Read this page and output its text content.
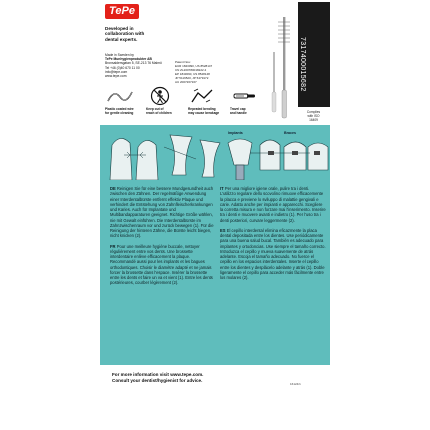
TePe
Developed in
collaboration with
dental experts.
Made in Sweden by
TePe Munhygienprodukter AB
Bronsaldersgatan 5, SE-213 76 Malmö
Tel +46 (0)40 670 11 00
info@tepe.com
www.tepe.com
Patent Nos:
EUR 1843090, US 8528147
CN ZL200780018222.4
EP 1843090, US 8528148
JP 5116520, JP 5479172
AU 2007267167	7317400015682
Complies
with ISO
16409
Plastic coated wire
for gentle cleaning
Keep out of
reach of children
Repeated bending
may cause breakage
Travel cap
and handle
Implants	Braces

DE Reinigen Sie für eine bessere Mundgesundheit auch zwischen den Zähnen. Der regelmäßige Anwendung einer Interdentalbürste entfernt effektiv Plaque und verhindert die Entstehung von Zahnfleischerkrankungen und Karies. Auch für Implantate und Multibandapparaturen geeignet. Richtige Größe wählen, nie mit Gewalt einführen. Die Interdentalbürste im Zahnzwischenraum vor und zurück bewegen (1). Für die Reinigung der hinteren Zähne, die Bürste leicht biegen, nicht knicken (2).

FR Pour une meilleure hygiène buccale, nettoyer régulièrement entre vos dents. Une brossette interdentaire enlève efficacement la plaque. Recommandé aussi pour les implants et les bagues orthodontiques. Choisir le diamètre adapté et ne jamais forcer la brossette dans l'espace. Insérer la brossette entre les dents et faire un va et vient (1). Entre les dents postérieures, courber légèrement (2).

IT Per una migliore igiene orale, pulire tra i denti. L'utilizzo regolare dello scovolino rimuove efficacemente la placca e previene lo sviluppo di malattie gengivali e carie. Adatto anche per impianti e apparecchi. Scegliere la corretta misura e non forzare mai l'inserimento. Inserire tra i denti e muovere avanti e indietro (1). Per l'uso tra i denti posteriori, curvare leggermente (2).

ES El cepillo interdental elimina eficazmente la placa dental depositada entre los dientes. Use periódicamente para una buena salud bucal. También es adecuado para implantes y ortodoncias. Use siempre el tamaño correcto. Introduzca el cepillo y mueva suavemente de atrás adelante. Escoja el tamaño adecuado. No fuerce el cepillo en los espacios interdentales. Inserte el cepillo entre los dientes y desplácelo adelante y atrás (1). Doble ligeramente el cepillo para acceder más fácilmente entre los molares (2).

For more information visit www.tepe.com.
Consult your dentist/hygienist for advice.
16124/1
